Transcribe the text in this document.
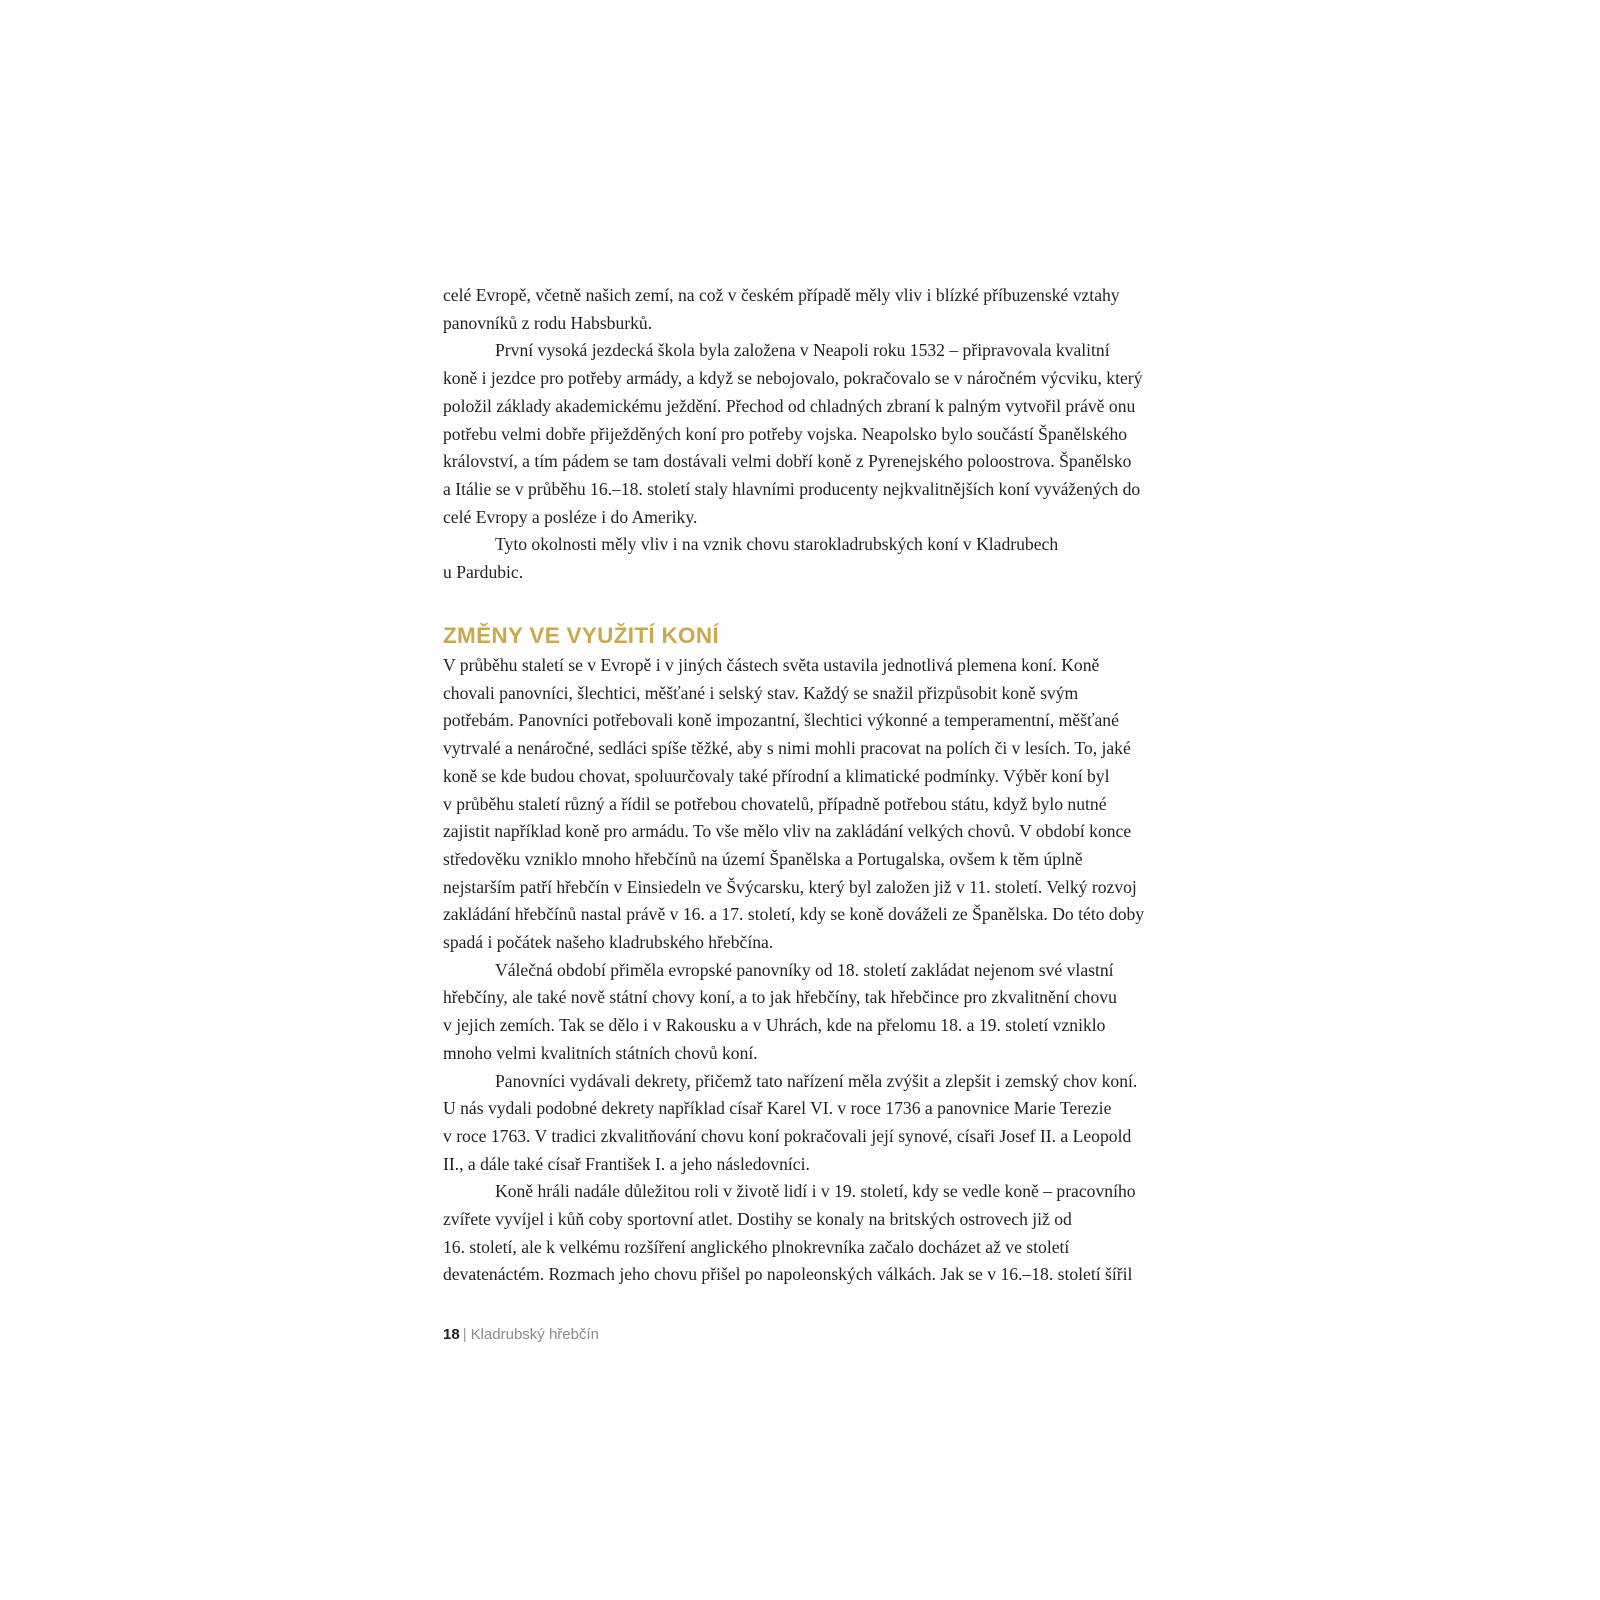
celé Evropě, včetně našich zemí, na což v českém případě měly vliv i blízké příbuzenské vztahy
panovníků z rodu Habsburků.
První vysoká jezdecká škola byla založena v Neapoli roku 1532 – připravovala kvalitní
koně i jezdce pro potřeby armády, a když se nebojovalo, pokračovalo se v náročném výcviku, který
položil základy akademickému ježdění. Přechod od chladných zbraní k palným vytvořil právě onu
potřebu velmi dobře přiježděných koní pro potřeby vojska. Neapolsko bylo součástí Španělského
království, a tím pádem se tam dostávali velmi dobří koně z Pyrenejského poloostrova. Španělsko
a Itálie se v průběhu 16.–18. století staly hlavními producenty nejkvalitnějších koní vyvážených do
celé Evropy a posléze i do Ameriky.
Tyto okolnosti měly vliv i na vznik chovu starokladrubských koní v Kladrubech
u Pardubic.
ZMĚNY VE VYUŽITÍ KONÍ
V průběhu staletí se v Evropě i v jiných částech světa ustavila jednotlivá plemena koní. Koně
chovali panovníci, šlechtici, měšťané i selský stav. Každý se snažil přizpůsobit koně svým
potřebám. Panovníci potřebovali koně impozantní, šlechtici výkonné a temperamentní, měšťané
vytrvalé a nenáročné, sedláci spíše těžké, aby s nimi mohli pracovat na polích či v lesích. To, jaké
koně se kde budou chovat, spoluurčovaly také přírodní a klimatické podmínky. Výběr koní byl
v průběhu staletí různý a řídil se potřebou chovatelů, případně potřebou státu, když bylo nutné
zajistit například koně pro armádu. To vše mělo vliv na zakládání velkých chovů. V období konce
středověku vzniklo mnoho hřebčínů na území Španělska a Portugalska, ovšem k těm úplně
nejstarším patří hřebčín v Einsiedeln ve Švýcarsku, který byl založen již v 11. století. Velký rozvoj
zakládání hřebčínů nastal právě v 16. a 17. století, kdy se koně dováželi ze Španělska. Do této doby
spadá i počátek našeho kladrubského hřebčína.
Válečná období přiměla evropské panovníky od 18. století zakládat nejenom své vlastní
hřebčíny, ale také nově státní chovy koní, a to jak hřebčíny, tak hřebčince pro zkvalitnění chovu
v jejich zemích. Tak se dělo i v Rakousku a v Uhrách, kde na přelomu 18. a 19. století vzniklo
mnoho velmi kvalitních státních chovů koní.
Panovníci vydávali dekrety, přičemž tato nařízení měla zvýšit a zlepšit i zemský chov koní.
U nás vydali podobné dekrety například císař Karel VI. v roce 1736 a panovnice Marie Terezie
v roce 1763. V tradici zkvalitňování chovu koní pokračovali její synové, císaři Josef II. a Leopold
II., a dále také císař František I. a jeho následovníci.
Koně hráli nadále důležitou roli v životě lidí i v 19. století, kdy se vedle koně – pracovního
zvířete vyvíjel i kůň coby sportovní atlet. Dostihy se konaly na britských ostrovech již od
16. století, ale k velkému rozšíření anglického plnokrevníka začalo docházet až ve století
devatenáctém. Rozmach jeho chovu přišel po napoleonských válkách. Jak se v 16.–18. století šířil
18 | Kladrubský hřebčín
